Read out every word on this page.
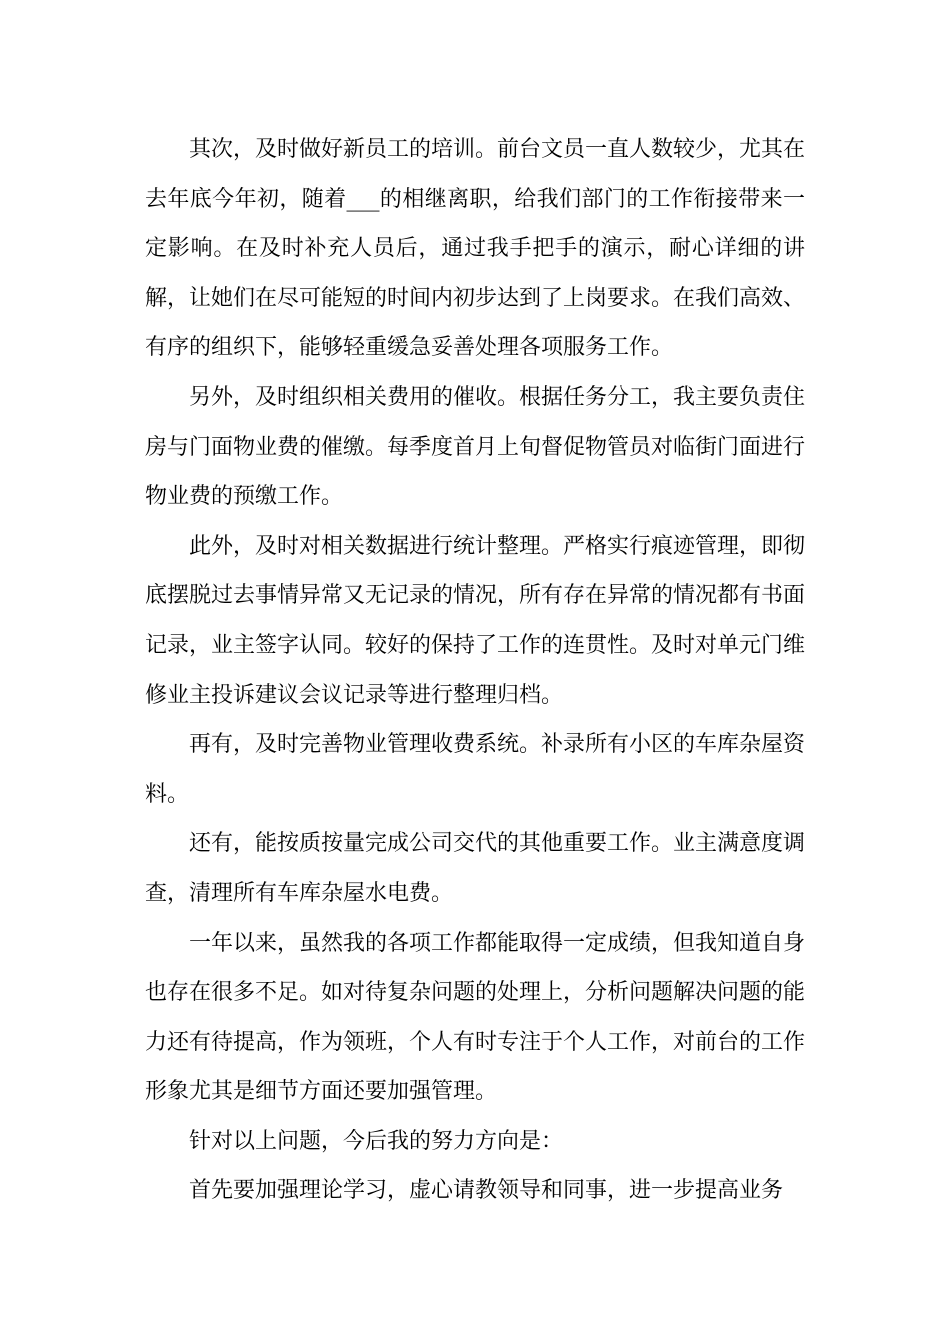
其次，及时做好新员工的培训。前台文员一直人数较少，尤其在去年底今年初，随着___的相继离职，给我们部门的工作衔接带来一定影响。在及时补充人员后，通过我手把手的演示，耐心详细的讲解，让她们在尽可能短的时间内初步达到了上岗要求。在我们高效、有序的组织下，能够轻重缓急妥善处理各项服务工作。

另外，及时组织相关费用的催收。根据任务分工，我主要负责住房与门面物业费的催缴。每季度首月上旬督促物管员对临街门面进行物业费的预缴工作。

此外，及时对相关数据进行统计整理。严格实行痕迹管理，即彻底摆脱过去事情异常又无记录的情况，所有存在异常的情况都有书面记录，业主签字认同。较好的保持了工作的连贯性。及时对单元门维修业主投诉建议会议记录等进行整理归档。

再有，及时完善物业管理收费系统。补录所有小区的车库杂屋资料。

还有，能按质按量完成公司交代的其他重要工作。业主满意度调查，清理所有车库杂屋水电费。

一年以来，虽然我的各项工作都能取得一定成绩，但我知道自身也存在很多不足。如对待复杂问题的处理上，分析问题解决问题的能力还有待提高，作为领班，个人有时专注于个人工作，对前台的工作形象尤其是细节方面还要加强管理。

针对以上问题，今后我的努力方向是：

首先要加强理论学习，虚心请教领导和同事，进一步提高业务
